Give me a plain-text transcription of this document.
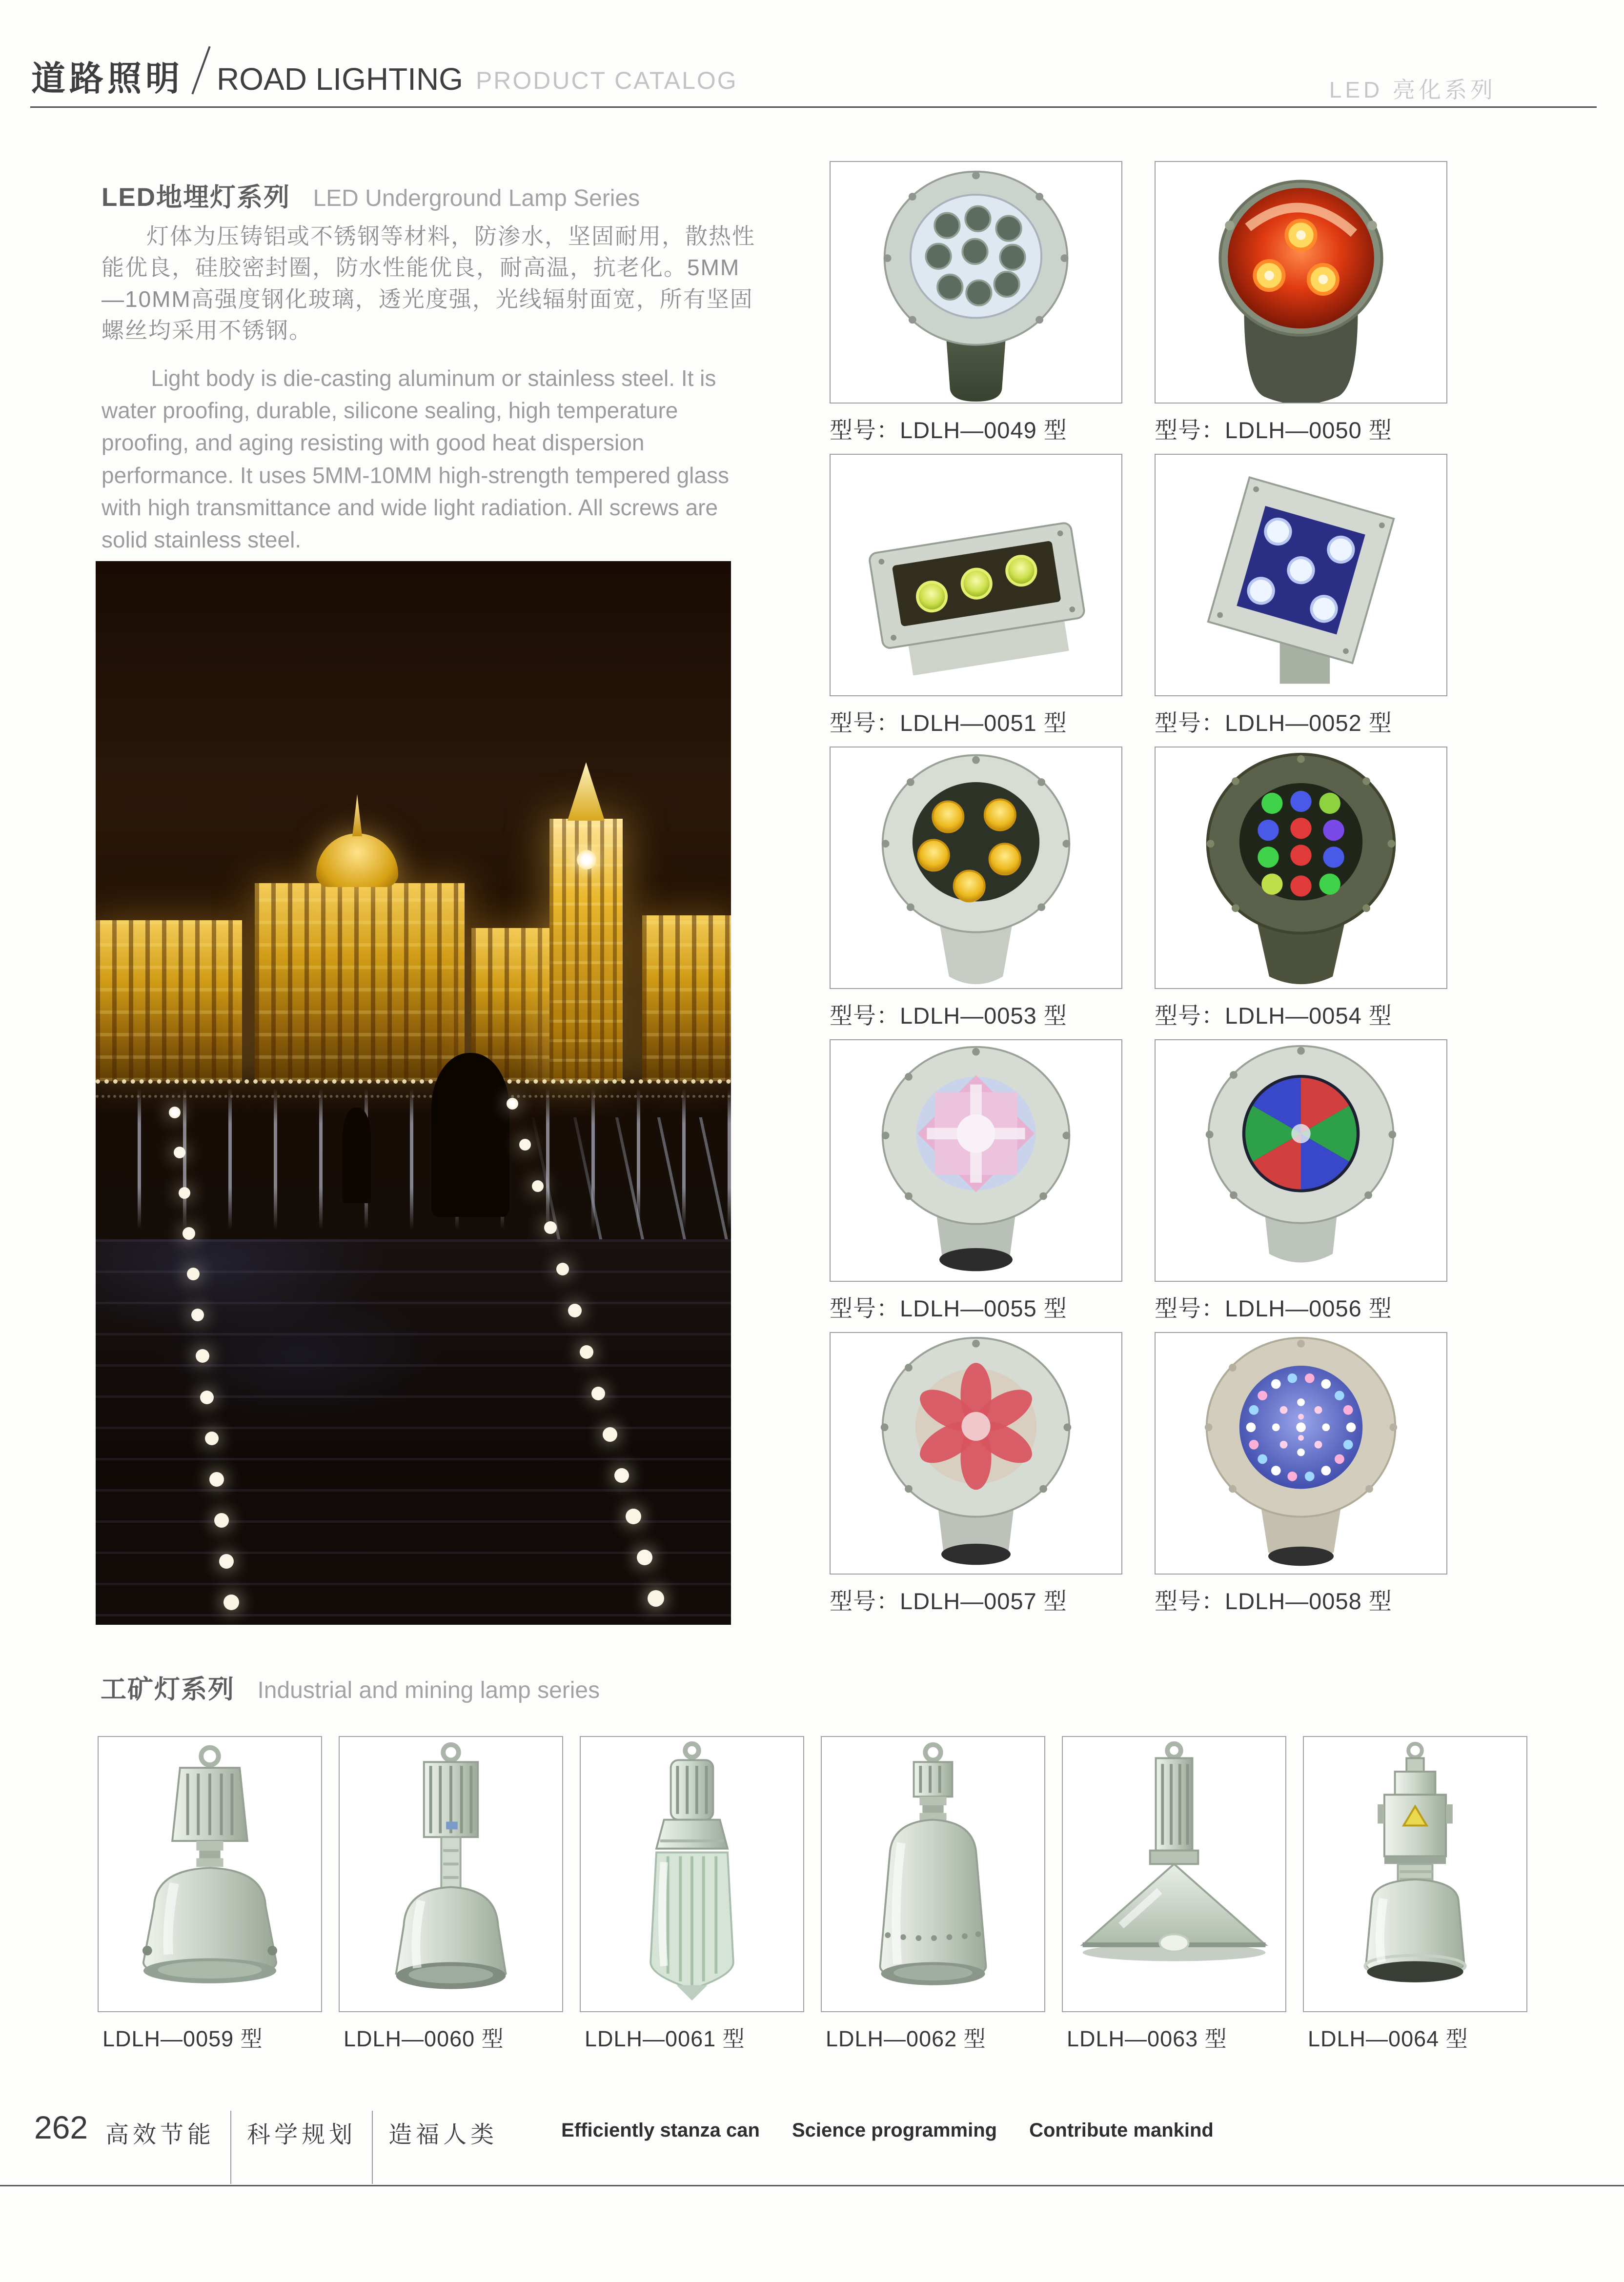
道路照明 ROAD LIGHTING PRODUCT CATALOG	LED 亮化系列
LED地埋灯系列 LED Underground Lamp Series

灯体为压铸铝或不锈钢等材料，防渗水，坚固耐用，散热性能优良，硅胶密封圈，防水性能优良，耐高温，抗老化。5MM—10MM高强度钢化玻璃，透光度强，光线辐射面宽，所有坚固螺丝均采用不锈钢。

Light body is die-casting aluminum or stainless steel. It is water proofing, durable, silicone sealing, high temperature proofing, and aging resisting with good heat dispersion performance. It uses 5MM-10MM high-strength tempered glass with high transmittance and wide light radiation. All screws are solid stainless steel.

型号：LDLH—0049 型	型号：LDLH—0050 型
型号：LDLH—0051 型	型号：LDLH—0052 型
型号：LDLH—0053 型	型号：LDLH—0054 型
型号：LDLH—0055 型	型号：LDLH—0056 型
型号：LDLH—0057 型	型号：LDLH—0058 型
工矿灯系列 Industrial and mining lamp series
LDLH—0059 型	LDLH—0060 型	LDLH—0061 型	LDLH—0062 型	LDLH—0063 型	LDLH—0064 型
262 高效节能 科学规划 造福人类	Efficiently stanza can Science programming Contribute mankind
